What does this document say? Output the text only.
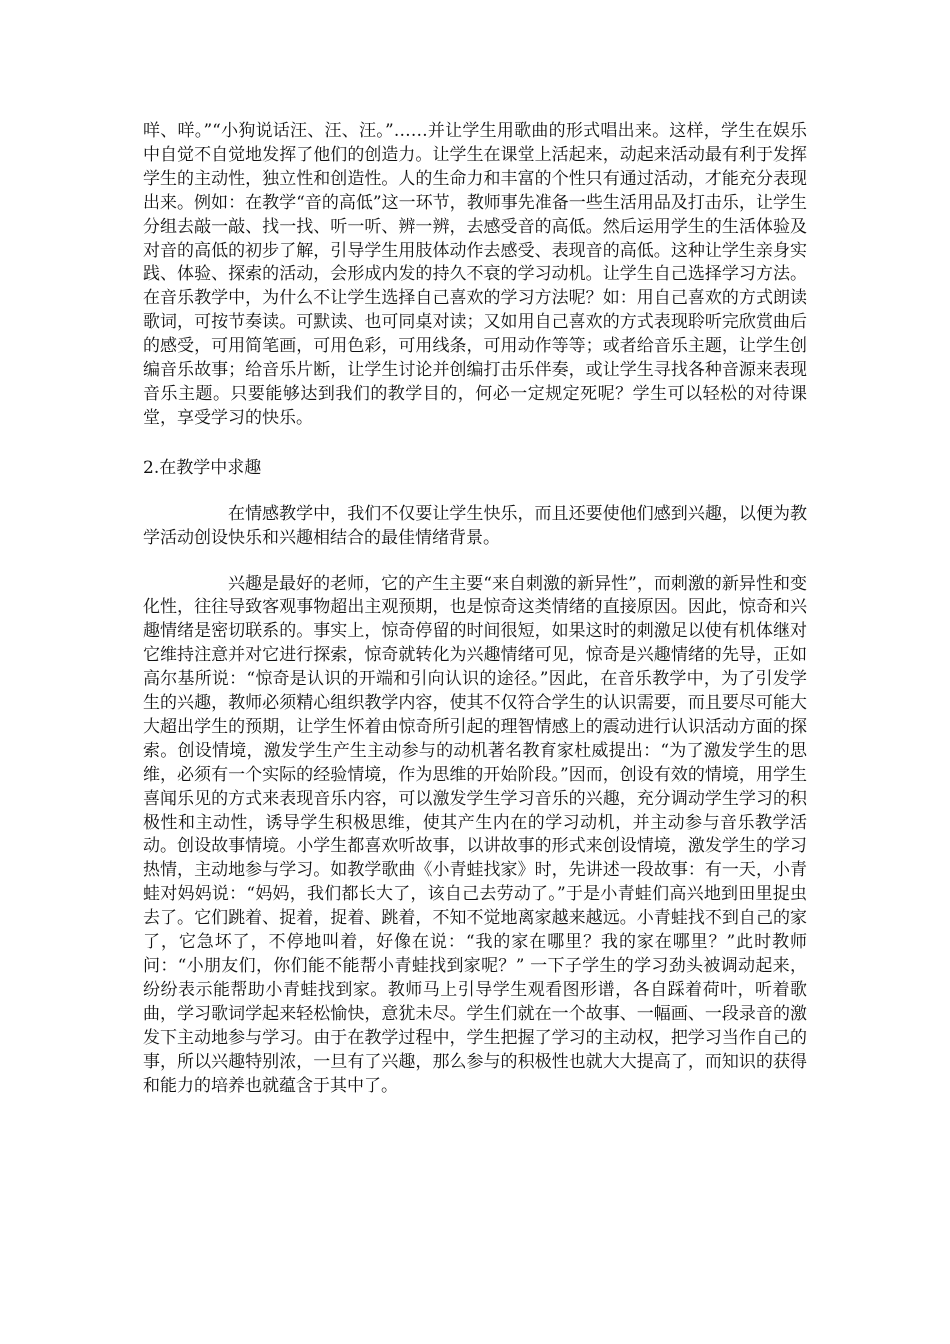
咩、咩。”“小狗说话汪、汪、汪。”……并让学生用歌曲的形式唱出来。这样，学生在娱乐中自觉不自觉地发挥了他们的创造力。让学生在课堂上活起来，动起来活动最有利于发挥学生的主动性，独立性和创造性。人的生命力和丰富的个性只有通过活动，才能充分表现出来。例如：在教学“音的高低”这一环节，教师事先准备一些生活用品及打击乐，让学生分组去敲一敲、找一找、听一听、辨一辨，去感受音的高低。然后运用学生的生活体验及对音的高低的初步了解，引导学生用肢体动作去感受、表现音的高低。这种让学生亲身实践、体验、探索的活动，会形成内发的持久不衰的学习动机。让学生自己选择学习方法。在音乐教学中，为什么不让学生选择自己喜欢的学习方法呢？如：用自己喜欢的方式朗读歌词，可按节奏读。可默读、也可同桌对读；又如用自己喜欢的方式表现聆听完欣赏曲后的感受，可用简笔画，可用色彩，可用线条，可用动作等等；或者给音乐主题，让学生创编音乐故事；给音乐片断，让学生讨论并创编打击乐伴奏，或让学生寻找各种音源来表现音乐主题。只要能够达到我们的教学目的，何必一定规定死呢？学生可以轻松的对待课堂，享受学习的快乐。

2.在教学中求趣

在情感教学中，我们不仅要让学生快乐，而且还要使他们感到兴趣，以便为教学活动创设快乐和兴趣相结合的最佳情绪背景。

兴趣是最好的老师，它的产生主要“来自刺激的新异性”，而刺激的新异性和变化性，往往导致客观事物超出主观预期，也是惊奇这类情绪的直接原因。因此，惊奇和兴趣情绪是密切联系的。事实上，惊奇停留的时间很短，如果这时的刺激足以使有机体继对它维持注意并对它进行探索，惊奇就转化为兴趣情绪可见，惊奇是兴趣情绪的先导，正如高尔基所说：“惊奇是认识的开端和引向认识的途径。”因此，在音乐教学中，为了引发学生的兴趣，教师必须精心组织教学内容，使其不仅符合学生的认识需要，而且要尽可能大大超出学生的预期，让学生怀着由惊奇所引起的理智情感上的震动进行认识活动方面的探索。创设情境，激发学生产生主动参与的动机著名教育家杜威提出：“为了激发学生的思维，必须有一个实际的经验情境，作为思维的开始阶段。”因而，创设有效的情境，用学生喜闻乐见的方式来表现音乐内容，可以激发学生学习音乐的兴趣，充分调动学生学习的积极性和主动性，诱导学生积极思维，使其产生内在的学习动机，并主动参与音乐教学活动。创设故事情境。小学生都喜欢听故事，以讲故事的形式来创设情境，激发学生的学习热情，主动地参与学习。如教学歌曲《小青蛙找家》时，先讲述一段故事：有一天，小青蛙对妈妈说：“妈妈，我们都长大了，该自己去劳动了。”于是小青蛙们高兴地到田里捉虫去了。它们跳着、捉着，捉着、跳着，不知不觉地离家越来越远。小青蛙找不到自己的家了，它急坏了，不停地叫着，好像在说：“我的家在哪里？我的家在哪里？”此时教师问：“小朋友们，你们能不能帮小青蛙找到家呢？” 一下子学生的学习劲头被调动起来，纷纷表示能帮助小青蛙找到家。教师马上引导学生观看图形谱，各自踩着荷叶，听着歌曲，学习歌词学起来轻松愉快，意犹未尽。学生们就在一个故事、一幅画、一段录音的激发下主动地参与学习。由于在教学过程中，学生把握了学习的主动权，把学习当作自己的事，所以兴趣特别浓，一旦有了兴趣，那么参与的积极性也就大大提高了，而知识的获得和能力的培养也就蕴含于其中了。
